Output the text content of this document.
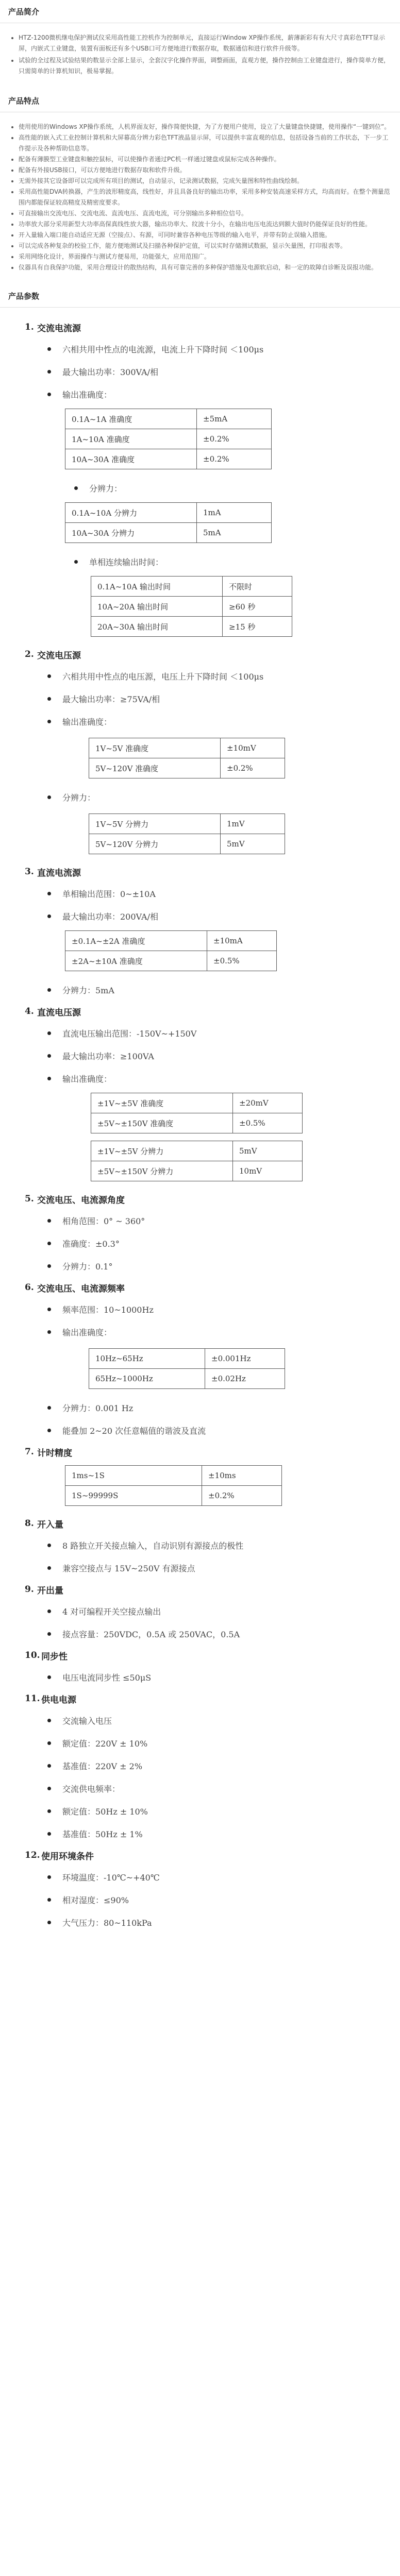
产品简介
• HTZ-1200微机继电保护测试仪采用高性能工控机作为控制单元，直接运行Window XP操作系统，薪薄新彩有有大尺寸真彩色TFT显示屏，内嵌式工业键盘，装置有面板还有多个USB口可方便地进行数据存取，数据通信和进行软件升级等。
• 试验的全过程及试验结果的数显示全部上显示，全套汉字化操作界面，调整画面，直观方便，操作控制由工业键盘进行，操作简单方便，只需简单的计算机知识，极易掌握。
产品特点
• 使用使用的Windows XP操作系统，人机界面友好，操作简便快捷，为了方便用户使用，设立了大量键盘快捷键，使用操作“一键到位”。
• 高性能的嵌入式工业控制计算机和大屏幕高分辨力彩色TFT液晶显示屏，可以提供丰富直观的信息，包括设备当前的工作状态，下一步工作提示及各种帮助信息等。
• 配备有薄膜型工业键盘和触控鼠标，可以使操作者通过PC机一样通过键盘或鼠标完成各种操作。
• 配备有外接USB接口，可以方便地进行数据存取和软件升级。
• 无需外接其它设备即可以完成所有项目的测试，自动显示，记录测试数据，完成矢量图和特性曲线绘制。
• 采用高性能DVA转换器，产生的波形精度高，线性好，并且具备良好的输出功率，采用多种安装高速采样方式，均高而好。在整个测量范围内都能保证较高精度及精密度要求。
• 可直接输出交流电压、交流电流、直流电压、直流电流，可分别输出多种相位信号。
• 功率放大部分采用新型大功率高保真线性放大器，输出功率大、纹波十分小，在输出电压电流达到额大值时仍能保证良好的性能。
• 开入量输入端口能自动适应无源（空接点）、有源，可同时兼容各种电压等级的输入电平，并带有防止误输入措施。
• 可以完成各种复杂的校验工作，能方便地测试及扫描各种保护定值，可以实时存储测试数据，显示矢量图，打印报表等。
• 采用网络化设计，界面操作与测试方便易用，功能强大，应用范围广。
• 仪器具有自我保护功能，采用合理设计的散热结构，具有可靠完善的多种保护措施及电源软启动，和一定的故障自诊断及误报功能。
产品参数
1. 交流电流源
六相共用中性点的电流源，电流上升下降时间 ＜100μs
最大输出功率：300VA/相
输出准确度：
0.1A~1A 准确度	±5mA
1A~10A 准确度	±0.2%
10A~30A 准确度	±0.2%
分辨力：
0.1A~10A 分辨力	1mA
10A~30A 分辨力	5mA
单相连续输出时间：
0.1A~10A 输出时间	不限时
10A~20A 输出时间	≥60 秒
20A~30A 输出时间	≥15 秒
2. 交流电压源
六相共用中性点的电压源，电压上升下降时间 ＜100μs
最大输出功率：≥75VA/相
输出准确度：
1V~5V 准确度	±10mV
5V~120V 准确度	±0.2%
分辨力：
1V~5V 分辨力	1mV
5V~120V 分辨力	5mV
3. 直流电流源
单相输出范围：0~±10A
最大输出功率：200VA/相
±0.1A~±2A 准确度	±10mA
±2A~±10A 准确度	±0.5%
分辨力：5mA
4. 直流电压源
直流电压输出范围：-150V~+150V
最大输出功率：≥100VA
输出准确度：
±1V~±5V 准确度	±20mV
±5V~±150V 准确度	±0.5%
±1V~±5V 分辨力	5mV
±5V~±150V 分辨力	10mV
5. 交流电压、电流源角度
相角范围：0° ~ 360°
准确度：±0.3°
分辨力：0.1°
6. 交流电压、电流源频率
频率范围：10~1000Hz
输出准确度：
10Hz~65Hz	±0.001Hz
65Hz~1000Hz	±0.02Hz
分辨力：0.001 Hz
能叠加 2~20 次任意幅值的谐波及直流
7. 计时精度
1ms~1S	±10ms
1S~99999S	±0.2%
8. 开入量
8 路独立开关接点输入，自动识别有源接点的极性
兼容空接点与 15V~250V 有源接点
9. 开出量
4 对可编程开关空接点输出
接点容量：250VDC，0.5A 或 250VAC，0.5A
10. 同步性
电压电流同步性 ≤50μS
11. 供电电源
交流输入电压
额定值：220V ± 10%
基准值：220V ± 2%
交流供电频率：
额定值：50Hz ± 10%
基准值：50Hz ± 1%
12. 使用环境条件
环境温度：-10℃~+40℃
相对湿度：≤90%
大气压力：80~110kPa
